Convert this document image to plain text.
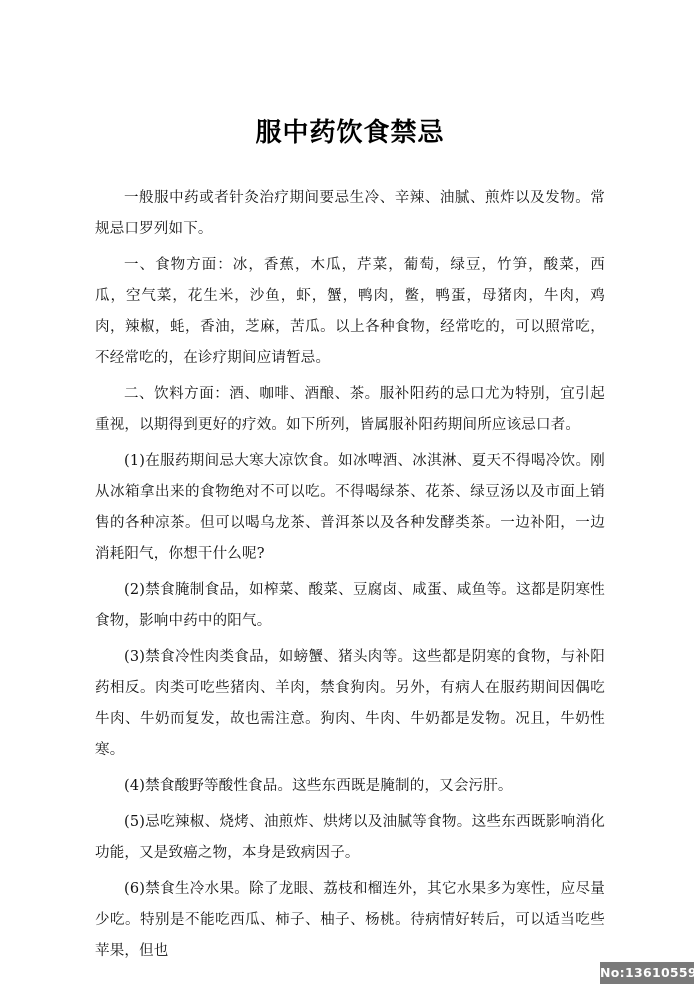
服中药饮食禁忌

一般服中药或者针灸治疗期间要忌生冷、辛辣、油腻、煎炸以及发物。常规忌口罗列如下。

一、食物方面：冰，香蕉，木瓜，芹菜，葡萄，绿豆，竹笋，酸菜，西瓜，空气菜，花生米，沙鱼，虾，蟹，鸭肉，鳖，鸭蛋，母猪肉，牛肉，鸡肉，辣椒，蚝，香油，芝麻，苦瓜。以上各种食物，经常吃的，可以照常吃，不经常吃的，在诊疗期间应请暂忌。

二、饮料方面：酒、咖啡、酒酿、茶。服补阳药的忌口尤为特别，宜引起重视，以期得到更好的疗效。如下所列，皆属服补阳药期间所应该忌口者。

(1)在服药期间忌大寒大凉饮食。如冰啤酒、冰淇淋、夏天不得喝冷饮。刚从冰箱拿出来的食物绝对不可以吃。不得喝绿茶、花茶、绿豆汤以及市面上销售的各种凉茶。但可以喝乌龙茶、普洱茶以及各种发酵类茶。一边补阳，一边消耗阳气，你想干什么呢?

(2)禁食腌制食品，如榨菜、酸菜、豆腐卤、咸蛋、咸鱼等。这都是阴寒性食物，影响中药中的阳气。

(3)禁食冷性肉类食品，如螃蟹、猪头肉等。这些都是阴寒的食物，与补阳药相反。肉类可吃些猪肉、羊肉，禁食狗肉。另外，有病人在服药期间因偶吃牛肉、牛奶而复发，故也需注意。狗肉、牛肉、牛奶都是发物。况且，牛奶性寒。

(4)禁食酸野等酸性食品。这些东西既是腌制的，又会污肝。

(5)忌吃辣椒、烧烤、油煎炸、烘烤以及油腻等食物。这些东西既影响消化功能，又是致癌之物，本身是致病因子。

(6)禁食生冷水果。除了龙眼、荔枝和榴连外，其它水果多为寒性，应尽量少吃。特别是不能吃西瓜、柿子、柚子、杨桃。待病情好转后，可以适当吃些苹果，但也

No:13610559
